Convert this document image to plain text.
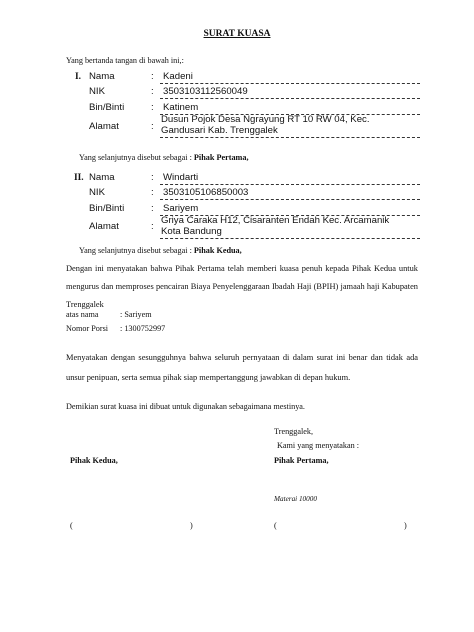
SURAT KUASA
Yang bertanda tangan di bawah ini,:
I. Nama	: Kadeni
NIK	: 3503103112560049
Bin/Binti	: Katinem
Alamat	:
Dusun Pojok Desa Ngrayung RT 10 RW 04, Kec.
Gandusari Kab. Trenggalek
Yang selanjutnya disebut sebagai : Pihak Pertama,
II. Nama	: Windarti
NIK	: 3503105106850003
Bin/Binti	: Sariyem
Alamat	:
Griya Caraka H12, Cisaranten Endah Kec. Arcamanik
Kota Bandung
Yang selanjutnya disebut sebagai : Pihak Kedua,
Dengan ini menyatakan bahwa Pihak Pertama telah memberi kuasa penuh kepada Pihak Kedua untuk mengurus dan memproses pencairan Biaya Penyelenggaraan Ibadah Haji (BPIH) jamaah haji Kabupaten Trenggalek
atas nama	: Sariyem
Nomor Porsi : 1300752997
Menyatakan dengan sesungguhnya bahwa seluruh pernyataan di dalam surat ini benar dan tidak ada unsur penipuan, serta semua pihak siap mempertanggung jawabkan di depan hukum.
Demikian surat kuasa ini dibuat untuk digunakan sebagaimana mestinya.
Trenggalek,
Kami yang menyatakan :
Pihak Kedua,	Pihak Pertama,
Materai 10000
(	)	(	)
